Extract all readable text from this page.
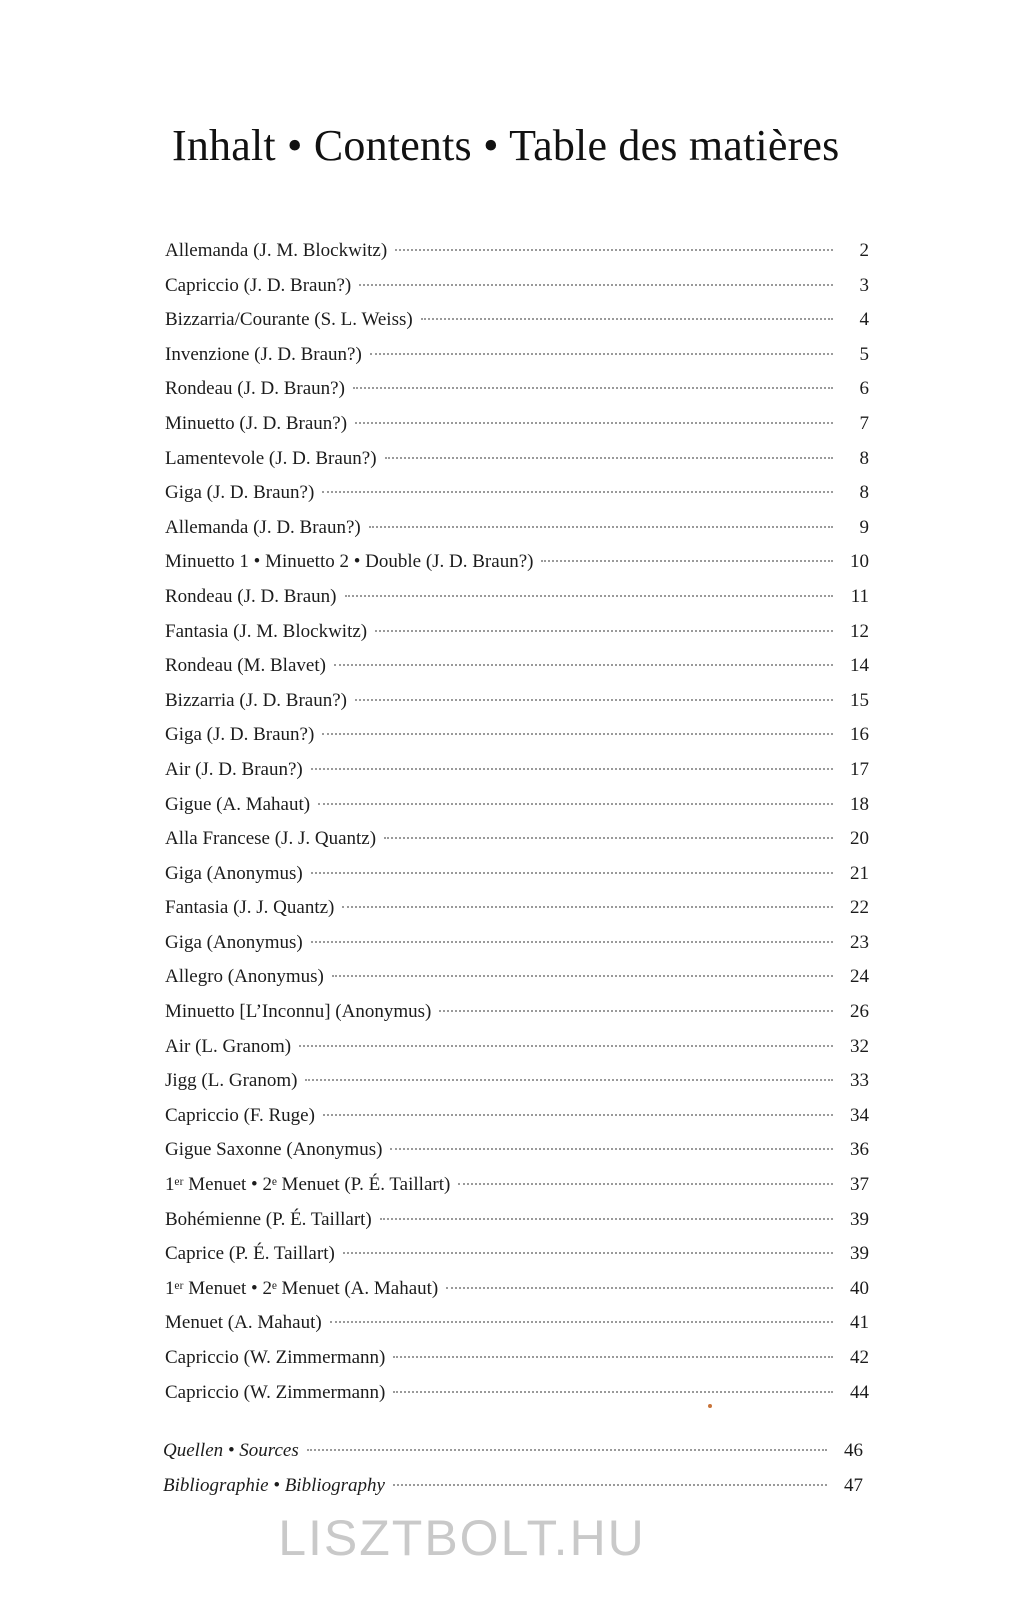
Inhalt • Contents • Table des matières
Allemanda (J. M. Blockwitz)	2
Capriccio (J. D. Braun?)	3
Bizzarria/Courante (S. L. Weiss)	4
Invenzione (J. D. Braun?)	5
Rondeau (J. D. Braun?)	6
Minuetto (J. D. Braun?)	7
Lamentevole (J. D. Braun?)	8
Giga (J. D. Braun?)	8
Allemanda (J. D. Braun?)	9
Minuetto 1 • Minuetto 2 • Double (J. D. Braun?)	10
Rondeau (J. D. Braun)	11
Fantasia (J. M. Blockwitz)	12
Rondeau (M. Blavet)	14
Bizzarria (J. D. Braun?)	15
Giga (J. D. Braun?)	16
Air (J. D. Braun?)	17
Gigue (A. Mahaut)	18
Alla Francese (J. J. Quantz)	20
Giga (Anonymus)	21
Fantasia (J. J. Quantz)	22
Giga (Anonymus)	23
Allegro (Anonymus)	24
Minuetto [L’Inconnu] (Anonymus)	26
Air (L. Granom)	32
Jigg (L. Granom)	33
Capriccio (F. Ruge)	34
Gigue Saxonne (Anonymus)	36
1ᵉʳ Menuet • 2ᵉ Menuet (P. É. Taillart)	37
Bohémienne (P. É. Taillart)	39
Caprice (P. É. Taillart)	39
1ᵉʳ Menuet • 2ᵉ Menuet (A. Mahaut)	40
Menuet (A. Mahaut)	41
Capriccio (W. Zimmermann)	42
Capriccio (W. Zimmermann)	44
Quellen • Sources	46
Bibliographie • Bibliography	47
LISZTBOLT.HU
